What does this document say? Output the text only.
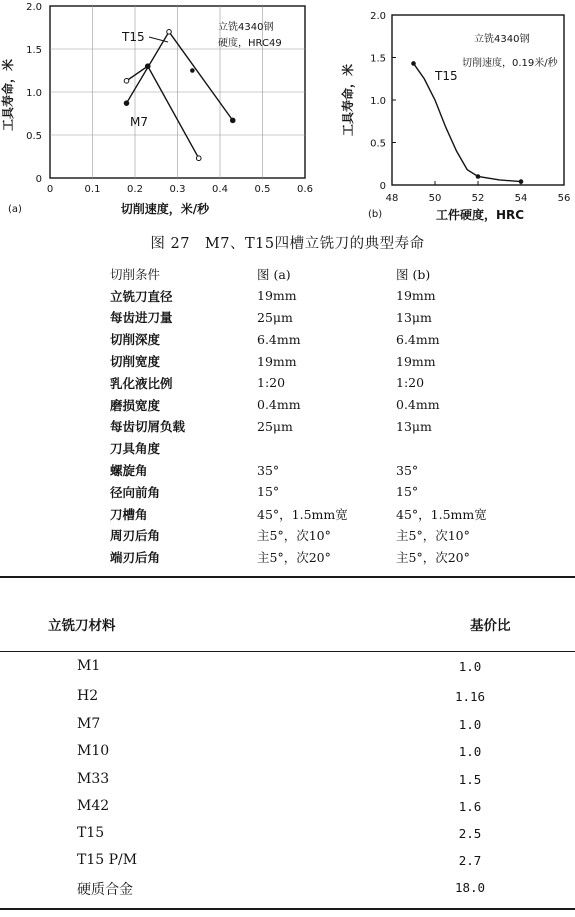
0	0.1	0.2	0.3	0.4	0.5	0.6
0
0.5
1.0
1.5
2.0
工具寿命，米
切削速度，米/秒
(a)
立铣4340钢
硬度，HRC49
T15
M7
48	50	52	54	56
0
0.5
1.0
1.5
2.0
工具寿命，米
工件硬度，HRC
(b)
立铣4340钢
切削速度，0.19米/秒
T15
图 27　M7、T15四槽立铣刀的典型寿命
切削条件	图 (a)	图 (b)
立铣刀直径	19mm	19mm
每齿进刀量	25μm	13μm
切削深度	6.4mm	6.4mm
切削宽度	19mm	19mm
乳化液比例	1:20	1:20
磨损宽度	0.4mm	0.4mm
每齿切屑负载	25μm	13μm
刀具角度		
螺旋角	35°	35°
径向前角	15°	15°
刀槽角	45°，1.5mm宽	45°，1.5mm宽
周刃后角	主5°，次10°	主5°，次10°
端刃后角	主5°，次20°	主5°，次20°
立铣刀材料	基价比
M1	1.0
H2	1.16
M7	1.0
M10	1.0
M33	1.5
M42	1.6
T15	2.5
T15 P/M	2.7
硬质合金	18.0
